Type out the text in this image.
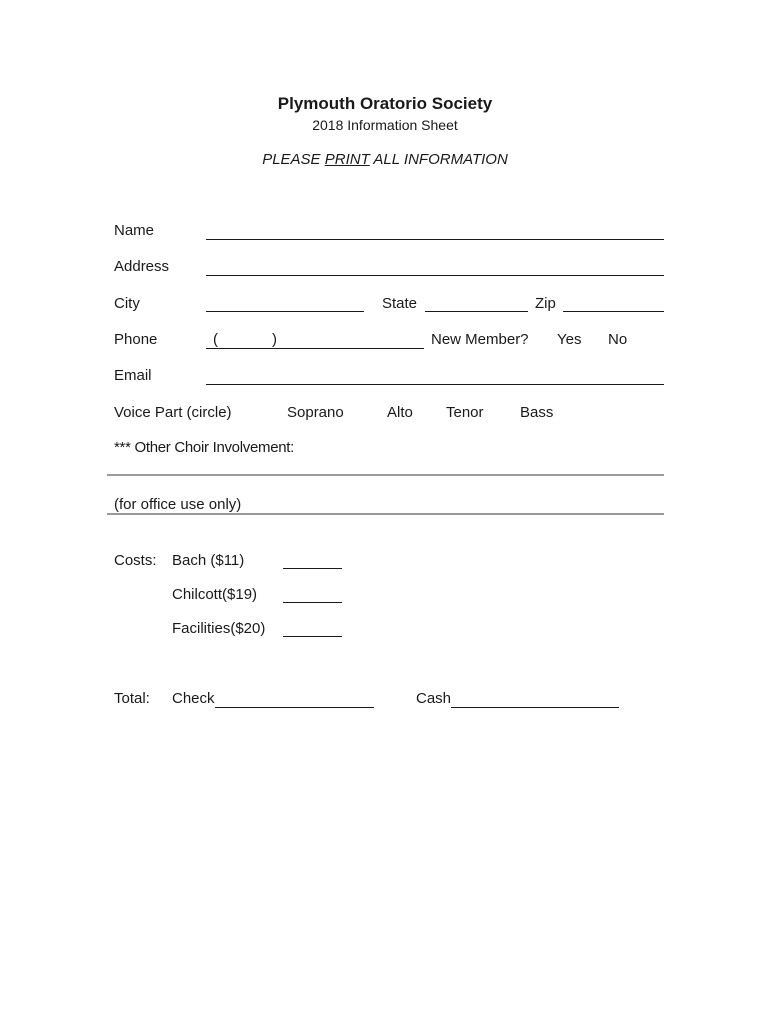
Plymouth Oratorio Society
2018 Information Sheet
PLEASE PRINT ALL INFORMATION
Name
Address
City	State	Zip
Phone	(	)	New Member? Yes No
Email
Voice Part (circle)	Soprano	Alto Tenor Bass
*** Other Choir Involvement:
(for office use only)
Costs: Bach ($11)
Chilcott($19)
Facilities($20)
Total: Check	Cash
